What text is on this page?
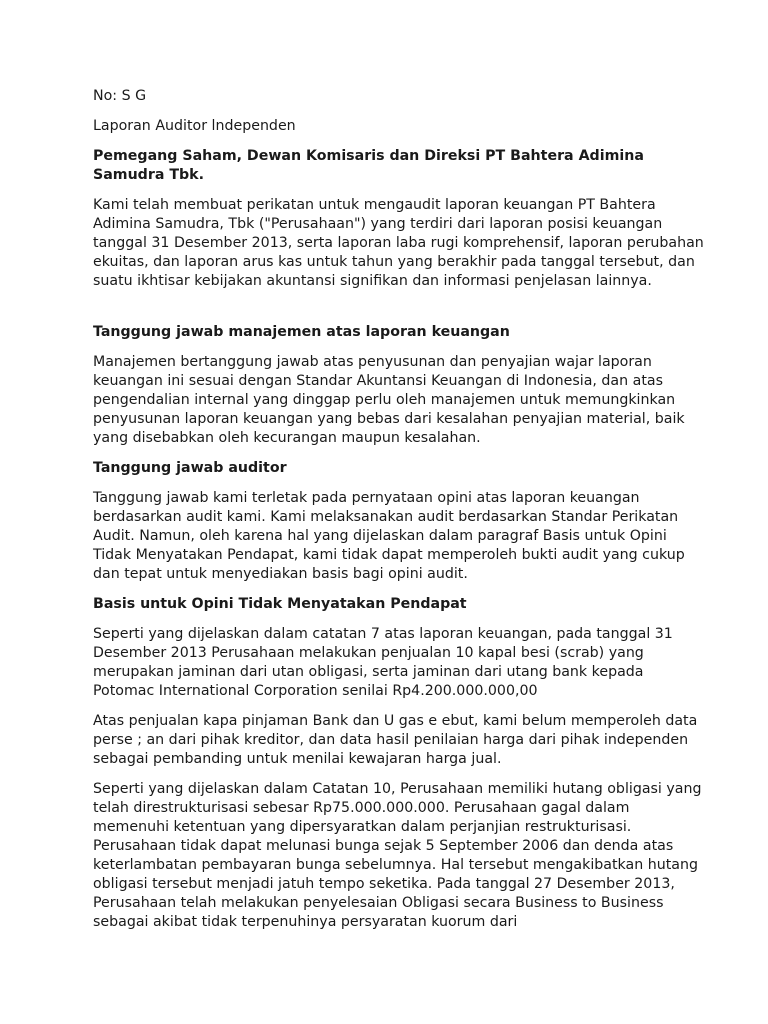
No: S G

Laporan Auditor lndependen

Pemegang Saham, Dewan Komisaris dan Direksi PT Bahtera Adimina Samudra Tbk.

Kami telah membuat perikatan untuk mengaudit laporan keuangan PT Bahtera Adimina Samudra, Tbk ("Perusahaan") yang terdiri dari laporan posisi keuangan tanggal 31 Desember 2013, serta laporan laba rugi komprehensif, laporan perubahan ekuitas, dan laporan arus kas untuk tahun yang berakhir pada tanggal tersebut, dan suatu ikhtisar kebijakan akuntansi signifikan dan informasi penjelasan lainnya.

Tanggung jawab manajemen atas laporan keuangan

Manajemen bertanggung jawab atas penyusunan dan penyajian wajar laporan keuangan ini sesuai dengan Standar Akuntansi Keuangan di Indonesia, dan atas pengendalian internal yang dinggap perlu oleh manajemen untuk memungkinkan penyusunan laporan keuangan yang bebas dari kesalahan penyajian material, baik yang disebabkan oleh kecurangan maupun kesalahan.

Tanggung jawab auditor

Tanggung jawab kami terletak pada pernyataan opini atas laporan keuangan berdasarkan audit kami. Kami melaksanakan audit berdasarkan Standar Perikatan Audit. Namun, oleh karena hal yang dijelaskan dalam paragraf Basis untuk Opini Tidak Menyatakan Pendapat, kami tidak dapat memperoleh bukti audit yang cukup dan tepat untuk menyediakan basis bagi opini audit.

Basis untuk Opini Tidak Menyatakan Pendapat

Seperti yang dijelaskan dalam catatan 7 atas laporan keuangan, pada tanggal 31 Desember 2013 Perusahaan melakukan penjualan 10 kapal besi (scrab) yang merupakan jaminan dari utan obligasi, serta jaminan dari utang bank kepada Potomac International Corporation senilai Rp4.200.000.000,00

Atas penjualan kapa pinjaman Bank dan U gas e ebut, kami belum memperoleh data perse ; an dari pihak kreditor, dan data hasil penilaian harga dari pihak independen sebagai pembanding untuk menilai kewajaran harga jual.

Seperti yang dijelaskan dalam Catatan 10, Perusahaan memiliki hutang obligasi yang telah direstrukturisasi sebesar Rp75.000.000.000. Perusahaan gagal dalam memenuhi ketentuan yang dipersyaratkan dalam perjanjian restrukturisasi. Perusahaan tidak dapat melunasi bunga sejak 5 September 2006 dan denda atas keterlambatan pembayaran bunga sebelumnya. Hal tersebut mengakibatkan hutang obligasi tersebut menjadi jatuh tempo seketika. Pada tanggal 27 Desember 2013, Perusahaan telah melakukan penyelesaian Obligasi secara Business to Business sebagai akibat tidak terpenuhinya persyaratan kuorum dari
